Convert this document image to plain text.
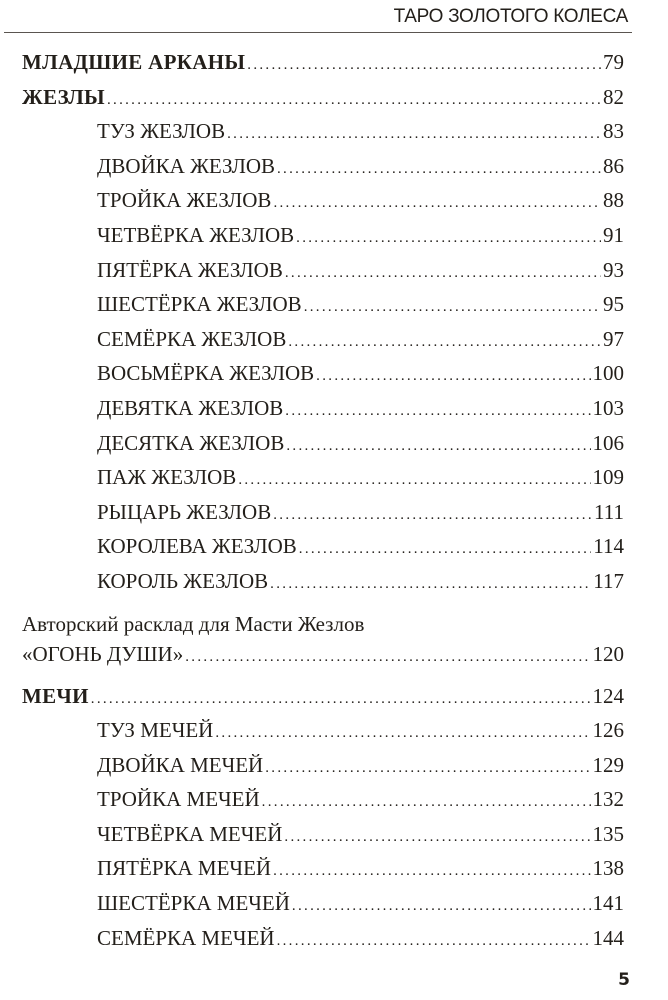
ТАРО ЗОЛОТОГО КОЛЕСА
МЛАДШИЕ АРКАНЫ .....	79
ЖЕЗЛЫ .....	82
ТУЗ ЖЕЗЛОВ .....	83
ДВОЙКА ЖЕЗЛОВ .....	86
ТРОЙКА ЖЕЗЛОВ .....	88
ЧЕТВЁРКА ЖЕЗЛОВ .....	91
ПЯТЁРКА ЖЕЗЛОВ .....	93
ШЕСТЁРКА ЖЕЗЛОВ .....	95
СЕМЁРКА ЖЕЗЛОВ .....	97
ВОСЬМЁРКА ЖЕЗЛОВ .....	100
ДЕВЯТКА ЖЕЗЛОВ .....	103
ДЕСЯТКА ЖЕЗЛОВ .....	106
ПАЖ ЖЕЗЛОВ .....	109
РЫЦАРЬ ЖЕЗЛОВ .....	111
КОРОЛЕВА ЖЕЗЛОВ .....	114
КОРОЛЬ ЖЕЗЛОВ .....	117
Авторский расклад для Масти Жезлов
«ОГОНЬ ДУШИ» .....	120
МЕЧИ .....	124
ТУЗ МЕЧЕЙ .....	126
ДВОЙКА МЕЧЕЙ .....	129
ТРОЙКА МЕЧЕЙ .....	132
ЧЕТВЁРКА МЕЧЕЙ .....	135
ПЯТЁРКА МЕЧЕЙ .....	138
ШЕСТЁРКА МЕЧЕЙ .....	141
СЕМЁРКА МЕЧЕЙ .....	144
5
